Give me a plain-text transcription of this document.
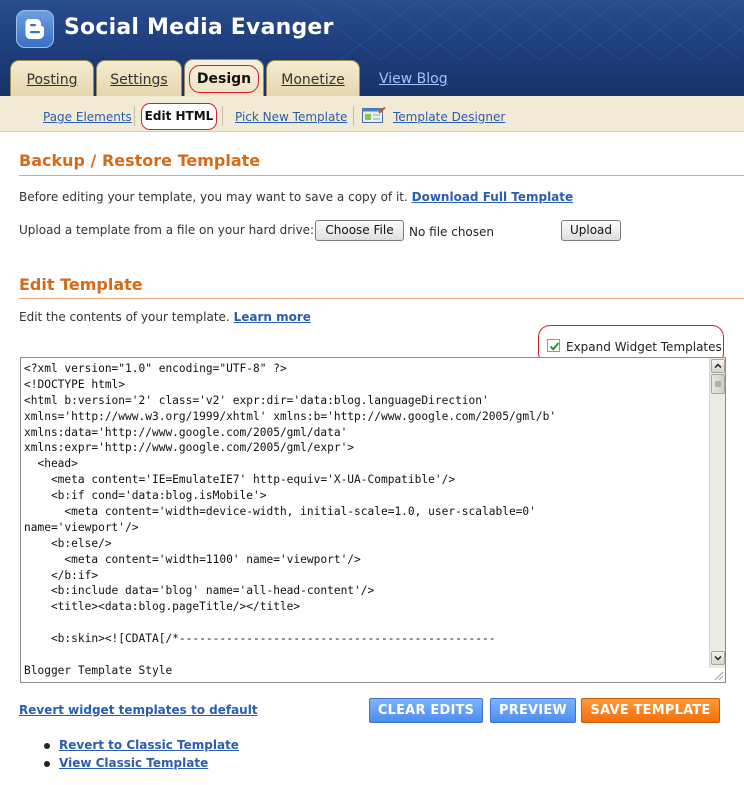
Social Media Evanger
Posting	Settings	Design	Monetize	View Blog
Page Elements	Pick New Template	Template Designer
Edit HTML
Backup / Restore Template
Before editing your template, you may want to save a copy of it. Download Full Template
Upload a template from a file on your hard drive: Choose File	No file chosen	Upload
Edit Template
Edit the contents of your template. Learn more
Expand Widget Templates
<?xml version="1.0" encoding="UTF-8" ?>
<!DOCTYPE html>
<html b:version='2' class='v2' expr:dir='data:blog.languageDirection'
xmlns='http://www.w3.org/1999/xhtml' xmlns:b='http://www.google.com/2005/gml/b'
xmlns:data='http://www.google.com/2005/gml/data'
xmlns:expr='http://www.google.com/2005/gml/expr'>
<head>
<meta content='IE=EmulateIE7' http-equiv='X-UA-Compatible'/>
<b:if cond='data:blog.isMobile'>
<meta content='width=device-width, initial-scale=1.0, user-scalable=0'
name='viewport'/>
<b:else/>
<meta content='width=1100' name='viewport'/>
</b:if>
<b:include data='blog' name='all-head-content'/>
<title><data:blog.pageTitle/></title>
<b:skin><![CDATA[/*-----------------------------------------------
Blogger Template Style
Revert widget templates to default	CLEAR EDITS	PREVIEW	SAVE TEMPLATE
Revert to Classic Template
View Classic Template
